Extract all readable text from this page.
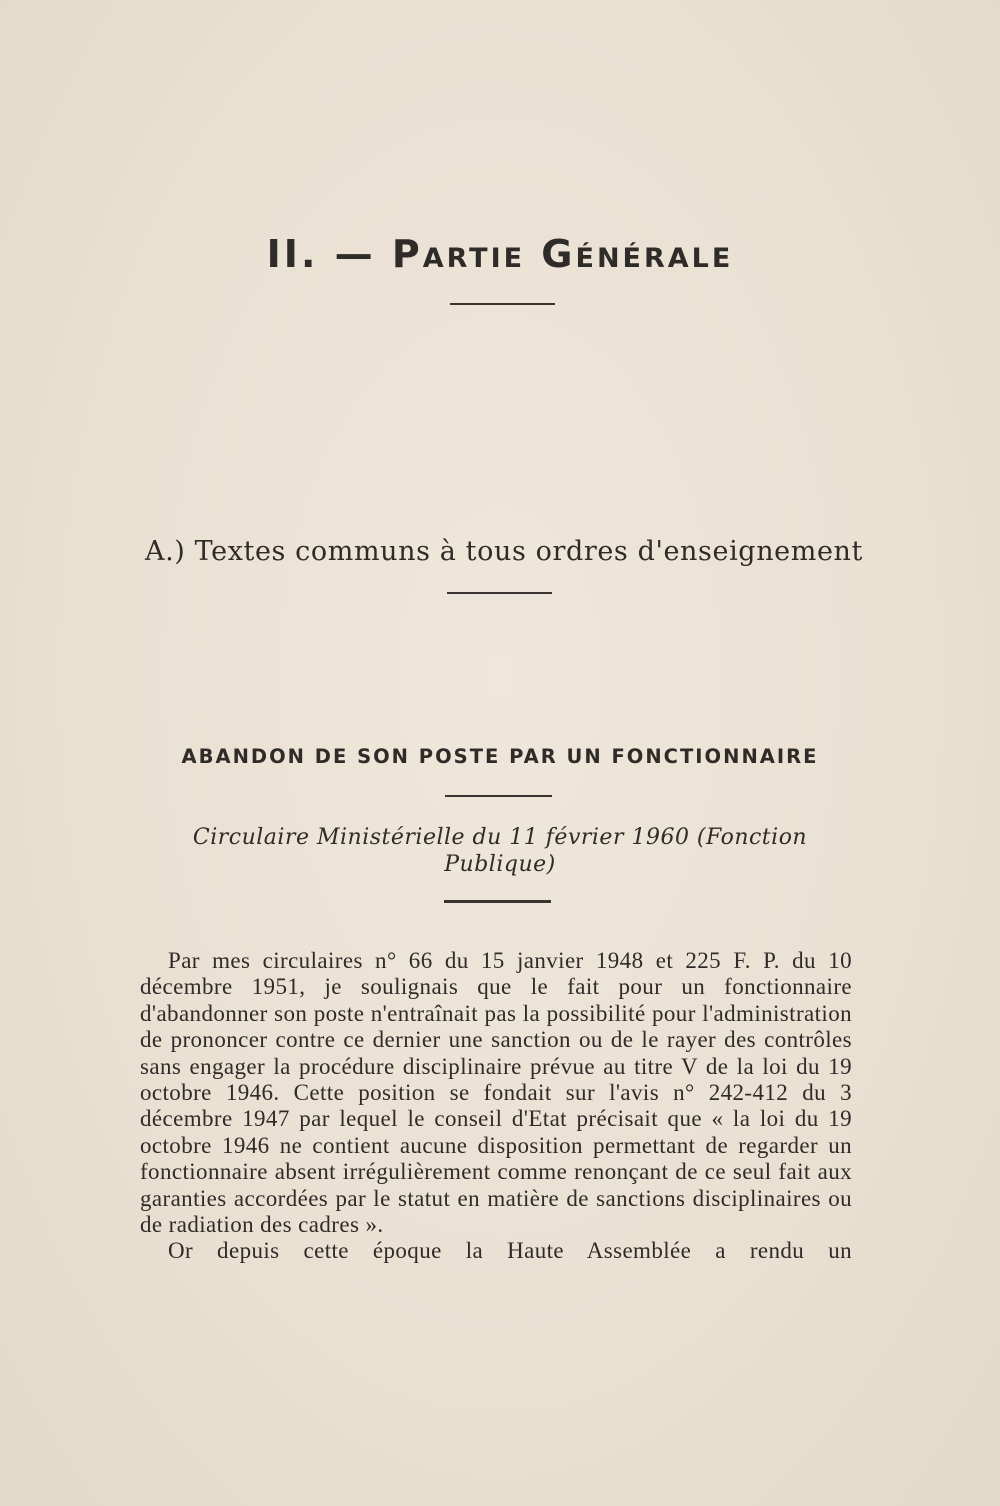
II. — Partie Générale
A.) Textes communs à tous ordres d'enseignement
ABANDON DE SON POSTE PAR UN FONCTIONNAIRE
Circulaire Ministérielle du 11 février 1960 (Fonction Publique)

Par mes circulaires n° 66 du 15 janvier 1948 et 225 F. P. du 10 décembre 1951, je soulignais que le fait pour un fonctionnaire d'abandonner son poste n'entraînait pas la possibilité pour l'administration de prononcer contre ce dernier une sanction ou de le rayer des contrôles sans engager la procédure disciplinaire prévue au titre V de la loi du 19 octobre 1946. Cette position se fondait sur l'avis n° 242-412 du 3 décembre 1947 par lequel le conseil d'Etat précisait que « la loi du 19 octobre 1946 ne contient aucune disposition permettant de regarder un fonctionnaire absent irrégulièrement comme renonçant de ce seul fait aux garanties accordées par le statut en matière de sanctions disciplinaires ou de radiation des cadres ».

Or depuis cette époque la Haute Assemblée a rendu un
